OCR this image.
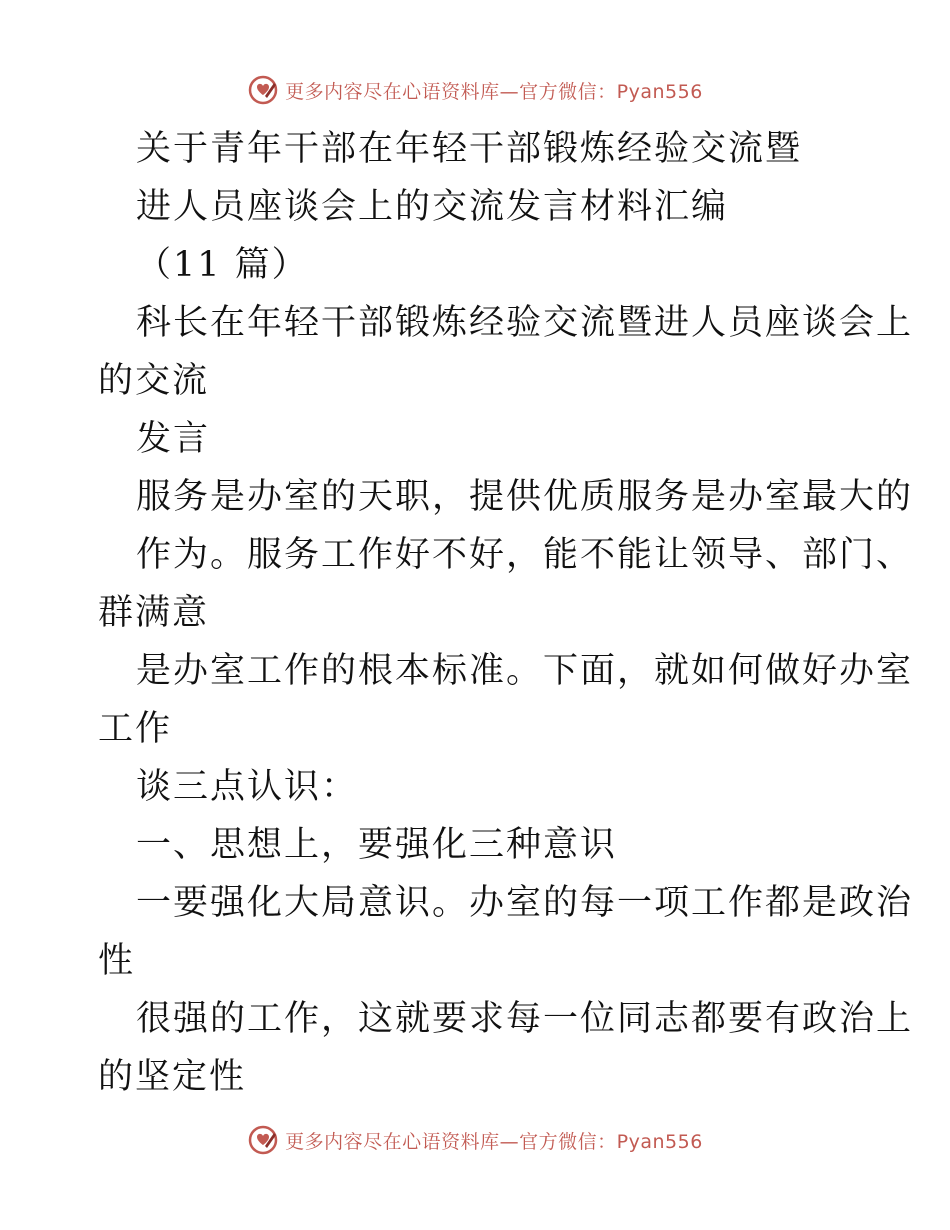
更多内容尽在心语资料库—官方微信：Pyan556
关于青年干部在年轻干部锻炼经验交流暨
进人员座谈会上的交流发言材料汇编
（11 篇）
科长在年轻干部锻炼经验交流暨进人员座谈会上
的交流
发言
服务是办室的天职，提供优质服务是办室最大的
作为。服务工作好不好，能不能让领导、部门、
群满意
是办室工作的根本标准。下面，就如何做好办室
工作
谈三点认识：
一、思想上，要强化三种意识
一要强化大局意识。办室的每一项工作都是政治
性
很强的工作，这就要求每一位同志都要有政治上
的坚定性
更多内容尽在心语资料库—官方微信：Pyan556
